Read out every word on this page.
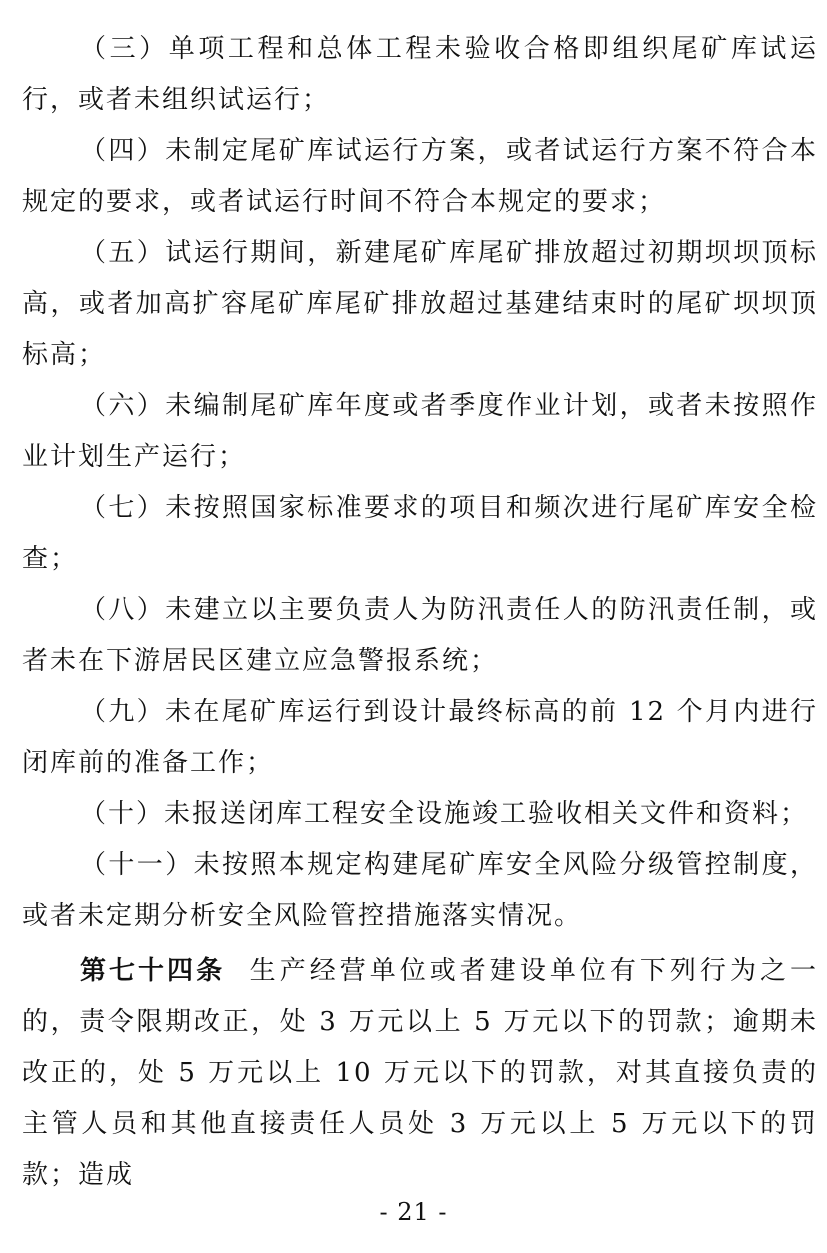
（三）单项工程和总体工程未验收合格即组织尾矿库试运行，或者未组织试运行；

（四）未制定尾矿库试运行方案，或者试运行方案不符合本规定的要求，或者试运行时间不符合本规定的要求；

（五）试运行期间，新建尾矿库尾矿排放超过初期坝坝顶标高，或者加高扩容尾矿库尾矿排放超过基建结束时的尾矿坝坝顶标高；

（六）未编制尾矿库年度或者季度作业计划，或者未按照作业计划生产运行；

（七）未按照国家标准要求的项目和频次进行尾矿库安全检查；

（八）未建立以主要负责人为防汛责任人的防汛责任制，或者未在下游居民区建立应急警报系统；

（九）未在尾矿库运行到设计最终标高的前 12 个月内进行闭库前的准备工作；

（十）未报送闭库工程安全设施竣工验收相关文件和资料；

（十一）未按照本规定构建尾矿库安全风险分级管控制度，或者未定期分析安全风险管控措施落实情况。

第七十四条 生产经营单位或者建设单位有下列行为之一的，责令限期改正，处 3 万元以上 5 万元以下的罚款；逾期未改正的，处 5 万元以上 10 万元以下的罚款，对其直接负责的主管人员和其他直接责任人员处 3 万元以上 5 万元以下的罚款；造成

- 21 -
